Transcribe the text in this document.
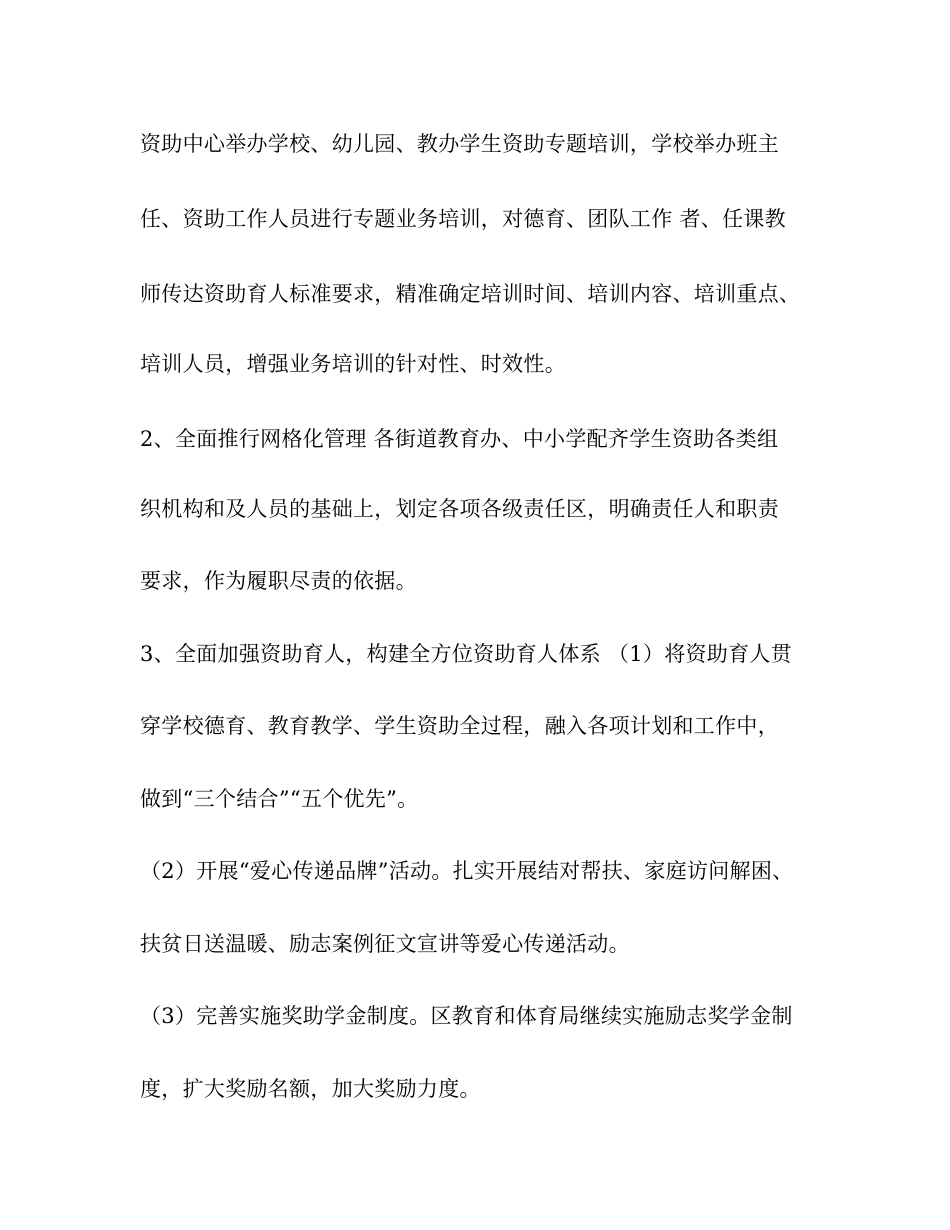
资助中心举办学校、幼儿园、教办学生资助专题培训，学校举办班主
任、资助工作人员进行专题业务培训，对德育、团队工作 者、任课教
师传达资助育人标准要求，精准确定培训时间、培训内容、培训重点、
培训人员，增强业务培训的针对性、时效性。
2、全面推行网格化管理 各街道教育办、中小学配齐学生资助各类组
织机构和及人员的基础上，划定各项各级责任区，明确责任人和职责
要求，作为履职尽责的依据。
3、全面加强资助育人，构建全方位资助育人体系 （1）将资助育人贯
穿学校德育、教育教学、学生资助全过程，融入各项计划和工作中，
做到“三个结合”“五个优先”。
（2）开展“爱心传递品牌”活动。扎实开展结对帮扶、家庭访问解困、
扶贫日送温暖、励志案例征文宣讲等爱心传递活动。
（3）完善实施奖助学金制度。区教育和体育局继续实施励志奖学金制
度，扩大奖励名额，加大奖励力度。
